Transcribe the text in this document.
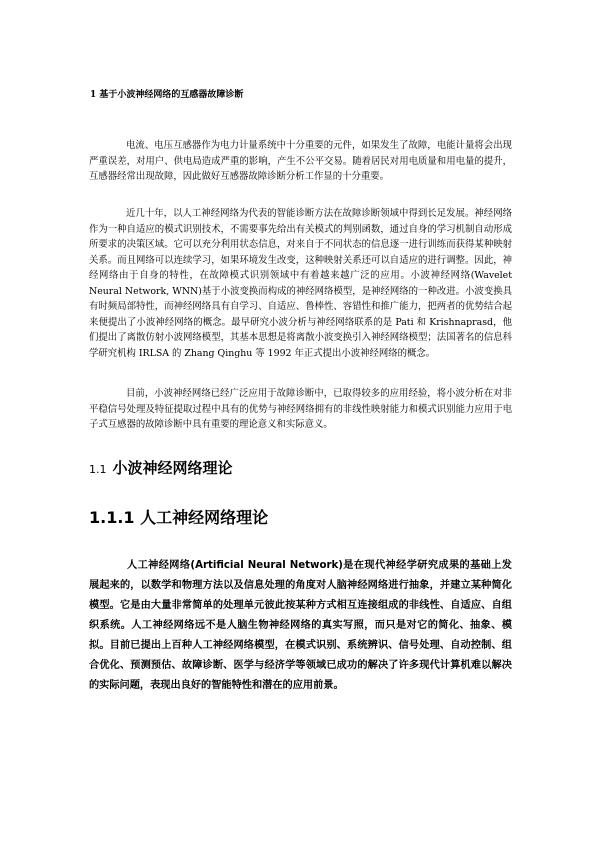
1 基于小波神经网络的互感器故障诊断

电流、电压互感器作为电力计量系统中十分重要的元件，如果发生了故障，电能计量将会出现严重误差，对用户、供电局造成严重的影响，产生不公平交易。随着居民对用电质量和用电量的提升，互感器经常出现故障，因此做好互感器故障诊断分析工作显的十分重要。

近几十年，以人工神经网络为代表的智能诊断方法在故障诊断领域中得到长足发展。神经网络作为一种自适应的模式识别技术，不需要事先给出有关模式的判别函数，通过自身的学习机制自动形成所要求的决策区域。它可以充分利用状态信息，对来自于不同状态的信息逐一进行训练而获得某种映射关系。而且网络可以连续学习，如果环境发生改变，这种映射关系还可以自适应的进行调整。因此，神经网络由于自身的特性，在故障模式识别领域中有着越来越广泛的应用。小波神经网络(Wavelet Neural Network, WNN)基于小波变换而构成的神经网络模型，是神经网络的一种改进。小波变换具有时频局部特性，而神经网络具有自学习、自适应、鲁棒性、容错性和推广能力，把两者的优势结合起来便提出了小波神经网络的概念。最早研究小波分析与神经网络联系的是 Pati 和 Krishnaprasd，他们提出了离散仿射小波网络模型，其基本思想是将离散小波变换引入神经网络模型；法国著名的信息科学研究机构 IRLSA 的 Zhang Qinghu 等 1992 年正式提出小波神经网络的概念。

目前，小波神经网络已经广泛应用于故障诊断中，已取得较多的应用经验，将小波分析在对非平稳信号处理及特征提取过程中具有的优势与神经网络拥有的非线性映射能力和模式识别能力应用于电子式互感器的故障诊断中具有重要的理论意义和实际意义。

1.1 小波神经网络理论
1.1.1 人工神经网络理论

人工神经网络(Artificial Neural Network)是在现代神经学研究成果的基础上发展起来的，以数学和物理方法以及信息处理的角度对人脑神经网络进行抽象，并建立某种简化模型。它是由大量非常简单的处理单元彼此按某种方式相互连接组成的非线性、自适应、自组织系统。人工神经网络远不是人脑生物神经网络的真实写照，而只是对它的简化、抽象、模拟。目前已提出上百种人工神经网络模型，在模式识别、系统辨识、信号处理、自动控制、组合优化、预测预估、故障诊断、医学与经济学等领域已成功的解决了许多现代计算机难以解决的实际问题，表现出良好的智能特性和潜在的应用前景。
